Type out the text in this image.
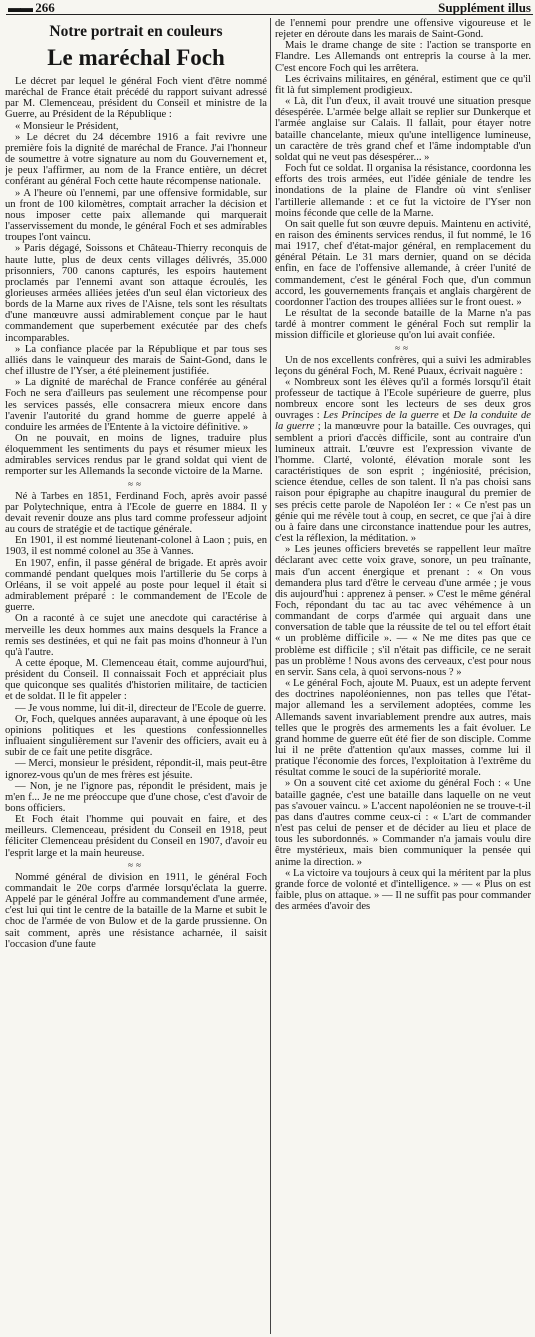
▬▬ 266	Supplément illus
Notre portrait en couleurs
Le maréchal Foch

Le décret par lequel le général Foch vient d'être nommé maréchal de France était précédé du rapport suivant adressé par M. Clemenceau, président du Conseil et ministre de la Guerre, au Président de la République :

« Monsieur le Président,

» Le décret du 24 décembre 1916 a fait revivre une première fois la dignité de maréchal de France. J'ai l'honneur de soumettre à votre signature au nom du Gouvernement et, je peux l'affirmer, au nom de la France entière, un décret conférant au général Foch cette haute récompense nationale.

» A l'heure où l'ennemi, par une offensive formidable, sur un front de 100 kilomètres, comptait arracher la décision et nous imposer cette paix allemande qui marquerait l'asservissement du monde, le général Foch et ses admirables troupes l'ont vaincu.

» Paris dégagé, Soissons et Château-Thierry reconquis de haute lutte, plus de deux cents villages délivrés, 35.000 prisonniers, 700 canons capturés, les espoirs hautement proclamés par l'ennemi avant son attaque écroulés, les glorieuses armées alliées jetées d'un seul élan victorieux des bords de la Marne aux rives de l'Aisne, tels sont les résultats d'une manœuvre aussi admirablement conçue par le haut commandement que superbement exécutée par des chefs incomparables.

» La confiance placée par la République et par tous ses alliés dans le vainqueur des marais de Saint-Gond, dans le chef illustre de l'Yser, a été pleinement justifiée.

» La dignité de maréchal de France conférée au général Foch ne sera d'ailleurs pas seulement une récompense pour les services passés, elle consacrera mieux encore dans l'avenir l'autorité du grand homme de guerre appelé à conduire les armées de l'Entente à la victoire définitive. »

On ne pouvait, en moins de lignes, traduire plus éloquemment les sentiments du pays et résumer mieux les admirables services rendus par le grand soldat qui vient de remporter sur les Allemands la seconde victoire de la Marne.

≈≈

Né à Tarbes en 1851, Ferdinand Foch, après avoir passé par Polytechnique, entra à l'Ecole de guerre en 1884. Il y devait revenir douze ans plus tard comme professeur adjoint au cours de stratégie et de tactique générale.

En 1901, il est nommé lieutenant-colonel à Laon ; puis, en 1903, il est nommé colonel au 35e à Vannes.

En 1907, enfin, il passe général de brigade. Et après avoir commandé pendant quelques mois l'artillerie du 5e corps à Orléans, il se voit appelé au poste pour lequel il était si admirablement préparé : le commandement de l'Ecole de guerre.

On a raconté à ce sujet une anecdote qui caractérise à merveille les deux hommes aux mains desquels la France a remis ses destinées, et qui ne fait pas moins d'honneur à l'un qu'à l'autre.

A cette époque, M. Clemenceau était, comme aujourd'hui, président du Conseil. Il connaissait Foch et appréciait plus que quiconque ses qualités d'historien militaire, de tacticien et de soldat. Il le fit appeler :

— Je vous nomme, lui dit-il, directeur de l'Ecole de guerre.

Or, Foch, quelques années auparavant, à une époque où les opinions politiques et les questions confessionnelles influaient singulièrement sur l'avenir des officiers, avait eu à subir de ce fait une petite disgrâce.

— Merci, monsieur le président, répondit-il, mais peut-être ignorez-vous qu'un de mes frères est jésuite.

— Non, je ne l'ignore pas, répondit le président, mais je m'en f... Je ne me préoccupe que d'une chose, c'est d'avoir de bons officiers.

Et Foch était l'homme qui pouvait en faire, et des meilleurs. Clemenceau, président du Conseil en 1918, peut féliciter Clemenceau président du Conseil en 1907, d'avoir eu l'esprit large et la main heureuse.

≈≈

Nommé général de division en 1911, le général Foch commandait le 20e corps d'armée lorsqu'éclata la guerre. Appelé par le général Joffre au commandement d'une armée, c'est lui qui tint le centre de la bataille de la Marne et subit le choc de l'armée de von Bulow et de la garde prussienne. On sait comment, après une résistance acharnée, il saisit l'occasion d'une faute

de l'ennemi pour prendre une offensive vigoureuse et le rejeter en déroute dans les marais de Saint-Gond.

Mais le drame change de site : l'action se transporte en Flandre. Les Allemands ont entrepris la course à la mer. C'est encore Foch qui les arrêtera.

Les écrivains militaires, en général, estiment que ce qu'il fit là fut simplement prodigieux.

« Là, dit l'un d'eux, il avait trouvé une situation presque désespérée. L'armée belge allait se replier sur Dunkerque et l'armée anglaise sur Calais. Il fallait, pour étayer notre bataille chancelante, mieux qu'une intelligence lumineuse, un caractère de très grand chef et l'âme indomptable d'un soldat qui ne veut pas désespérer... »

Foch fut ce soldat. Il organisa la résistance, coordonna les efforts des trois armées, eut l'idée géniale de tendre les inondations de la plaine de Flandre où vint s'enliser l'artillerie allemande : et ce fut la victoire de l'Yser non moins féconde que celle de la Marne.

On sait quelle fut son œuvre depuis. Maintenu en activité, en raison des éminents services rendus, il fut nommé, le 16 mai 1917, chef d'état-major général, en remplacement du général Pétain. Le 31 mars dernier, quand on se décida enfin, en face de l'offensive allemande, à créer l'unité de commandement, c'est le général Foch que, d'un commun accord, les gouvernements français et anglais chargèrent de coordonner l'action des troupes alliées sur le front ouest. »

Le résultat de la seconde bataille de la Marne n'a pas tardé à montrer comment le général Foch sut remplir la mission difficile et glorieuse qu'on lui avait confiée.

≈≈

Un de nos excellents confrères, qui a suivi les admirables leçons du général Foch, M. René Puaux, écrivait naguère :

« Nombreux sont les élèves qu'il a formés lorsqu'il était professeur de tactique à l'Ecole supérieure de guerre, plus nombreux encore sont les lecteurs de ses deux gros ouvrages : Les Principes de la guerre et De la conduite de la guerre ; la manœuvre pour la bataille. Ces ouvrages, qui semblent a priori d'accès difficile, sont au contraire d'un lumineux attrait. L'œuvre est l'expression vivante de l'homme. Clarté, volonté, élévation morale sont les caractéristiques de son esprit ; ingéniosité, précision, science étendue, celles de son talent. Il n'a pas choisi sans raison pour épigraphe au chapitre inaugural du premier de ses précis cette parole de Napoléon Ier : « Ce n'est pas un génie qui me révèle tout à coup, en secret, ce que j'ai à dire ou à faire dans une circonstance inattendue pour les autres, c'est la réflexion, la méditation. »

» Les jeunes officiers brevetés se rappellent leur maître déclarant avec cette voix grave, sonore, un peu traînante, mais d'un accent énergique et prenant : « On vous demandera plus tard d'être le cerveau d'une armée ; je vous dis aujourd'hui : apprenez à penser. » C'est le même général Foch, répondant du tac au tac avec véhémence à un commandant de corps d'armée qui arguait dans une conversation de table que la réussite de tel ou tel effort était « un problème difficile ». — « Ne me dites pas que ce problème est difficile ; s'il n'était pas difficile, ce ne serait pas un problème ! Nous avons des cerveaux, c'est pour nous en servir. Sans cela, à quoi servons-nous ? »

« Le général Foch, ajoute M. Puaux, est un adepte fervent des doctrines napoléoniennes, non pas telles que l'état-major allemand les a servilement adoptées, comme les Allemands savent invariablement prendre aux autres, mais telles que le progrès des armements les a fait évoluer. Le grand homme de guerre eût été fier de son disciple. Comme lui il ne prête d'attention qu'aux masses, comme lui il pratique l'économie des forces, l'exploitation à l'extrême du résultat comme le souci de la supériorité morale.

» On a souvent cité cet axiome du général Foch : « Une bataille gagnée, c'est une bataille dans laquelle on ne veut pas s'avouer vaincu. » L'accent napoléonien ne se trouve-t-il pas dans d'autres comme ceux-ci : « L'art de commander n'est pas celui de penser et de décider au lieu et place de tous les subordonnés. » Commander n'a jamais voulu dire être mystérieux, mais bien communiquer la pensée qui anime la direction. »

« La victoire va toujours à ceux qui la méritent par la plus grande force de volonté et d'intelligence. » — « Plus on est faible, plus on attaque. » — Il ne suffit pas pour commander des armées d'avoir des
